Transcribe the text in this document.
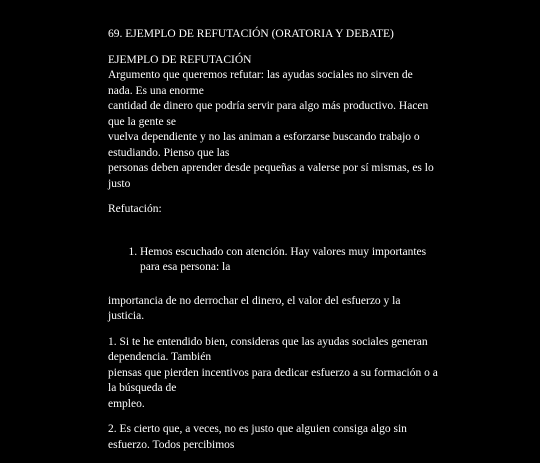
69. EJEMPLO DE REFUTACIÓN (ORATORIA Y DEBATE)

EJEMPLO DE REFUTACIÓN
Argumento que queremos refutar: las ayudas sociales no sirven de nada. Es una enorme
cantidad de dinero que podría servir para algo más productivo. Hacen que la gente se
vuelva dependiente y no las animan a esforzarse buscando trabajo o estudiando. Pienso que las
personas deben aprender desde pequeñas a valerse por sí mismas, es lo justo

Refutación:

1. Hemos escuchado con atención. Hay valores muy importantes para esa persona: la

importancia de no derrochar el dinero, el valor del esfuerzo y la justicia.

1. Si te he entendido bien, consideras que las ayudas sociales generan dependencia. También
piensas que pierden incentivos para dedicar esfuerzo a su formación o a la búsqueda de
empleo.
2. Es cierto que, a veces, no es justo que alguien consiga algo sin esfuerzo. Todos percibimos
